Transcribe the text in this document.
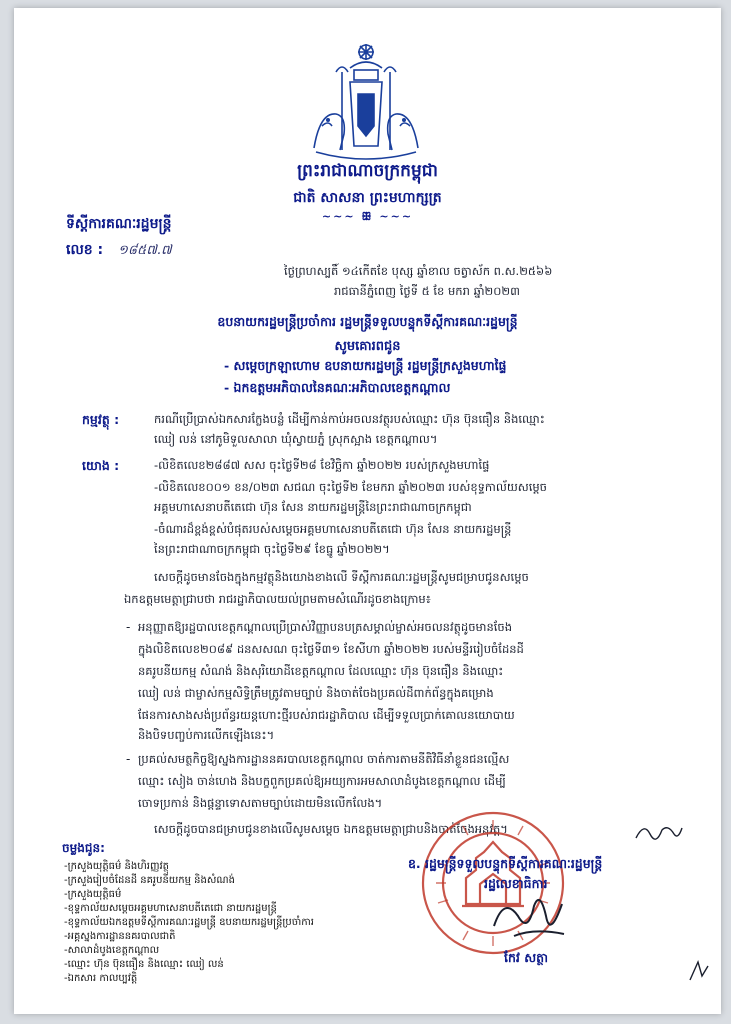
ព្រះរាជាណាចក្រកម្ពុជា
ជាតិ សាសនា ព្រះមហាក្សត្រ
~~~ ꕥ ~~~
ទីស្តីការគណៈរដ្ឋមន្ត្រី
លេខ : ១៨៥៧.៧
ថ្ងៃព្រហស្បតិ៍ ១៤កើតខែ បុស្ស ឆ្នាំខាល ចត្វាស័ក ព.ស.២៥៦៦
រាជធានីភ្នំពេញ ថ្ងៃទី ៥ ខែ មករា ឆ្នាំ២០២៣
ឧបនាយករដ្ឋមន្ត្រីប្រចាំការ រដ្ឋមន្ត្រីទទួលបន្ទុកទីស្តីការគណៈរដ្ឋមន្ត្រី
សូមគោរពជូន
- សម្តេចក្រឡាហោម ឧបនាយករដ្ឋមន្ត្រី រដ្ឋមន្ត្រីក្រសួងមហាផ្ទៃ
- ឯកឧត្តមអភិបាលនៃគណៈអភិបាលខេត្តកណ្តាល
កម្មវត្ថុ :	ករណីប្រើប្រាស់ឯកសារក្លែងបន្លំ ដើម្បីកាន់កាប់អចលនវត្ថុរបស់ឈ្មោះ ហ៊ុន ប៊ុនធឿន និងឈ្មោះ
ឈៀ លន់ នៅភូមិទួលសាលា ឃុំស្វាយភ្នំ ស្រុកស្អាង ខេត្តកណ្តាល។
យោង :	-លិខិតលេខ២៨៨៧ សស ចុះថ្ងៃទី២៨ ខែវិច្ឆិកា ឆ្នាំ២០២២ របស់ក្រសួងមហាផ្ទៃ
-លិខិតលេខ០០១ ខន/០២៣ សជណ ចុះថ្ងៃទី២ ខែមករា ឆ្នាំ២០២៣ របស់ខុទ្ទកាល័យសម្តេច
អគ្គមហាសេនាបតីតេជោ ហ៊ុន សែន នាយករដ្ឋមន្ត្រីនៃព្រះរាជាណាចក្រកម្ពុជា
-ចំណារដ៏ខ្ពង់ខ្ពស់បំផុតរបស់សម្តេចអគ្គមហាសេនាបតីតេជោ ហ៊ុន សែន នាយករដ្ឋមន្ត្រី
នៃព្រះរាជាណាចក្រកម្ពុជា ចុះថ្ងៃទី២៩ ខែធ្នូ ឆ្នាំ២០២២។
សេចក្តីដូចមានចែងក្នុងកម្មវត្ថុនិងយោងខាងលើ ទីស្តីការគណៈរដ្ឋមន្ត្រីសូមជម្រាបជូនសម្តេច
ឯកឧត្តមមេត្តាជ្រាបថា រាជរដ្ឋាភិបាលយល់ព្រមតាមសំណើរដូចខាងក្រោម៖
- អនុញ្ញាតឱ្យរដ្ឋបាលខេត្តកណ្តាលប្រើប្រាស់វិញ្ញាបនបត្រសម្គាល់ម្ចាស់អចលនវត្ថុដូចមានចែង
ក្នុងលិខិតលេខ២០៨៩ ដនសសណ ចុះថ្ងៃទី៣១ ខែសីហា ឆ្នាំ២០២២ របស់មន្ទីររៀបចំដែនដី
នគរូបនីយកម្ម សំណង់ និងសុរិយោដីខេត្តកណ្តាល ដែលឈ្មោះ ហ៊ុន ប៊ុនធឿន និងឈ្មោះ
ឈៀ លន់ ជាម្ចាស់កម្មសិទ្ធិត្រឹមត្រូវតាមច្បាប់ និងចាត់ចែងប្រគល់ដីពាក់ព័ន្ធក្នុងគម្រោង
ផែនការសាងសង់ប្រព័ន្ធរយន្តហោះថ្មីរបស់រាជរដ្ឋាភិបាល ដើម្បីទទួលប្រាក់គោលនយោបាយ
និងបិទបញ្ចប់ការលើកឡើងនេះ។
- ប្រគល់សមត្ថកិច្ចឱ្យស្នងការដ្ឋាននគរបាលខេត្តកណ្តាល ចាត់ការតាមនីតិវិធីនាំខ្លួនជនល្មើស
ឈ្មោះ សៀង ចាន់ហេង និងបក្ខពួកប្រគល់ឱ្យអយ្យការអមសាលាដំបូងខេត្តកណ្តាល ដើម្បី
ចោទប្រកាន់ និងផ្តន្ទាទោសតាមច្បាប់ដោយមិនលើកលែង។
សេចក្តីដូចបានជម្រាបជូនខាងលើសូមសម្តេច ឯកឧត្តមមេត្តាជ្រាបនិងចាត់ចែងអនុវត្ត។
ឧ. រដ្ឋមន្ត្រីទទួលបន្ទុកទីស្តីការគណៈរដ្ឋមន្ត្រី
រដ្ឋលេខាធិការ
កែវ សត្ថា
ចម្លងជូន:
-ក្រសួងយុត្តិធម៌ និងហិរញ្ញវត្ថុ
-ក្រសួងរៀបចំដែនដី នគរូបនីយកម្ម និងសំណង់
-ក្រសួងយុត្តិធម៌
-ខុទ្ទកាល័យសម្តេចអគ្គមហាសេនាបតីតេជោ នាយករដ្ឋមន្ត្រី
-ខុទ្ទកាល័យឯកឧត្តមទីស្តីការគណៈរដ្ឋមន្ត្រី ឧបនាយករដ្ឋមន្ត្រីប្រចាំការ
-អគ្គស្នងការដ្ឋាននគរបាលជាតិ
-សាលាដំបូងខេត្តកណ្តាល
-ឈ្មោះ ហ៊ុន ប៊ុនធឿន និងឈ្មោះ ឈៀ លន់
-ឯកសារ កាលប្បវត្តិ
